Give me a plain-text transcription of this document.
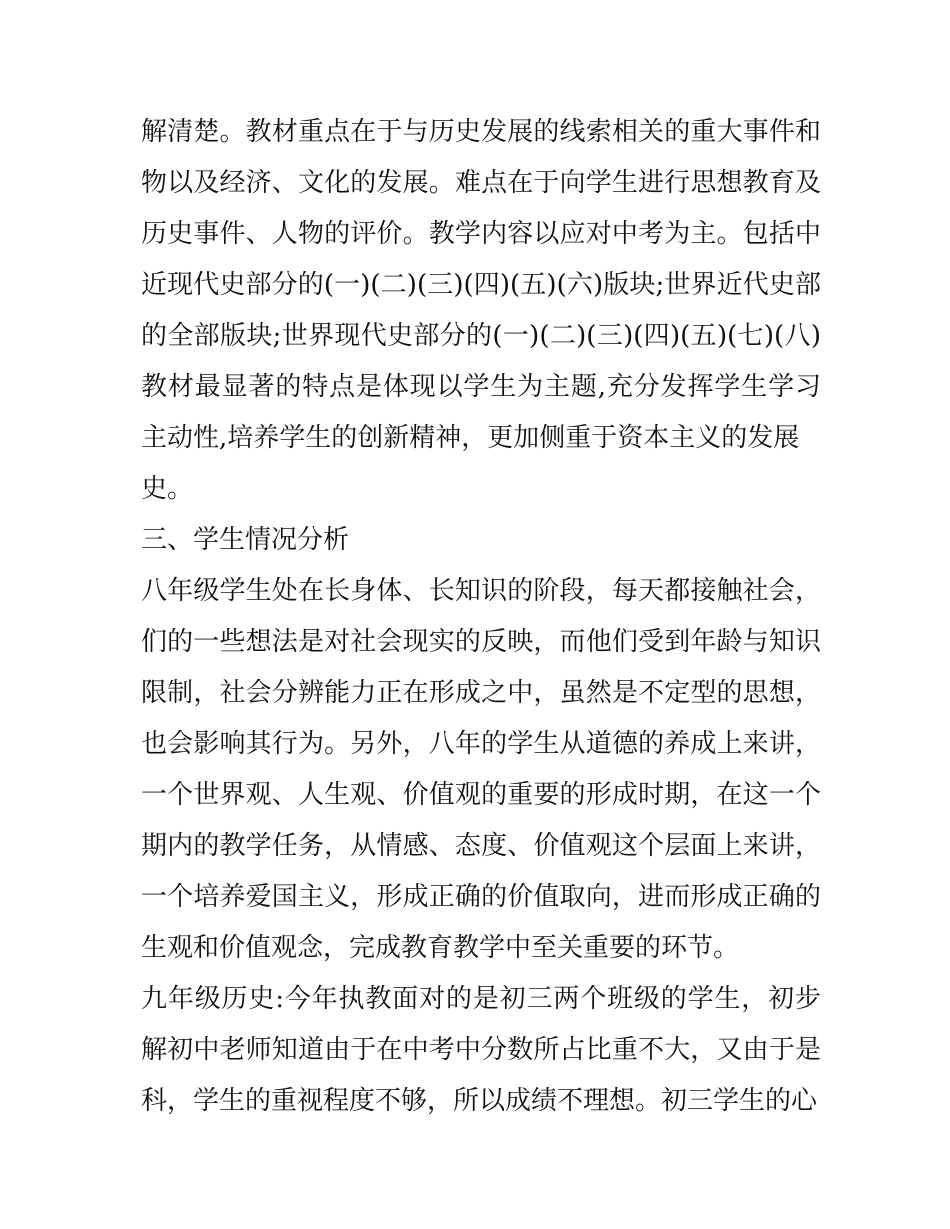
解清楚。教材重点在于与历史发展的线索相关的重大事件和
物以及经济、文化的发展。难点在于向学生进行思想教育及
历史事件、人物的评价。教学内容以应对中考为主。包括中
近现代史部分的(一)(二)(三)(四)(五)(六)版块;世界近代史部
的全部版块;世界现代史部分的(一)(二)(三)(四)(五)(七)(八)
教材最显著的特点是体现以学生为主题,充分发挥学生学习
主动性,培养学生的创新精神，更加侧重于资本主义的发展
史。
三、学生情况分析
八年级学生处在长身体、长知识的阶段，每天都接触社会，
们的一些想法是对社会现实的反映，而他们受到年龄与知识
限制，社会分辨能力正在形成之中，虽然是不定型的思想，
也会影响其行为。另外，八年的学生从道德的养成上来讲，
一个世界观、人生观、价值观的重要的形成时期，在这一个
期内的教学任务，从情感、态度、价值观这个层面上来讲，
一个培养爱国主义，形成正确的价值取向，进而形成正确的
生观和价值观念，完成教育教学中至关重要的环节。
九年级历史:今年执教面对的是初三两个班级的学生，初步
解初中老师知道由于在中考中分数所占比重不大，又由于是
科，学生的重视程度不够，所以成绩不理想。初三学生的心
